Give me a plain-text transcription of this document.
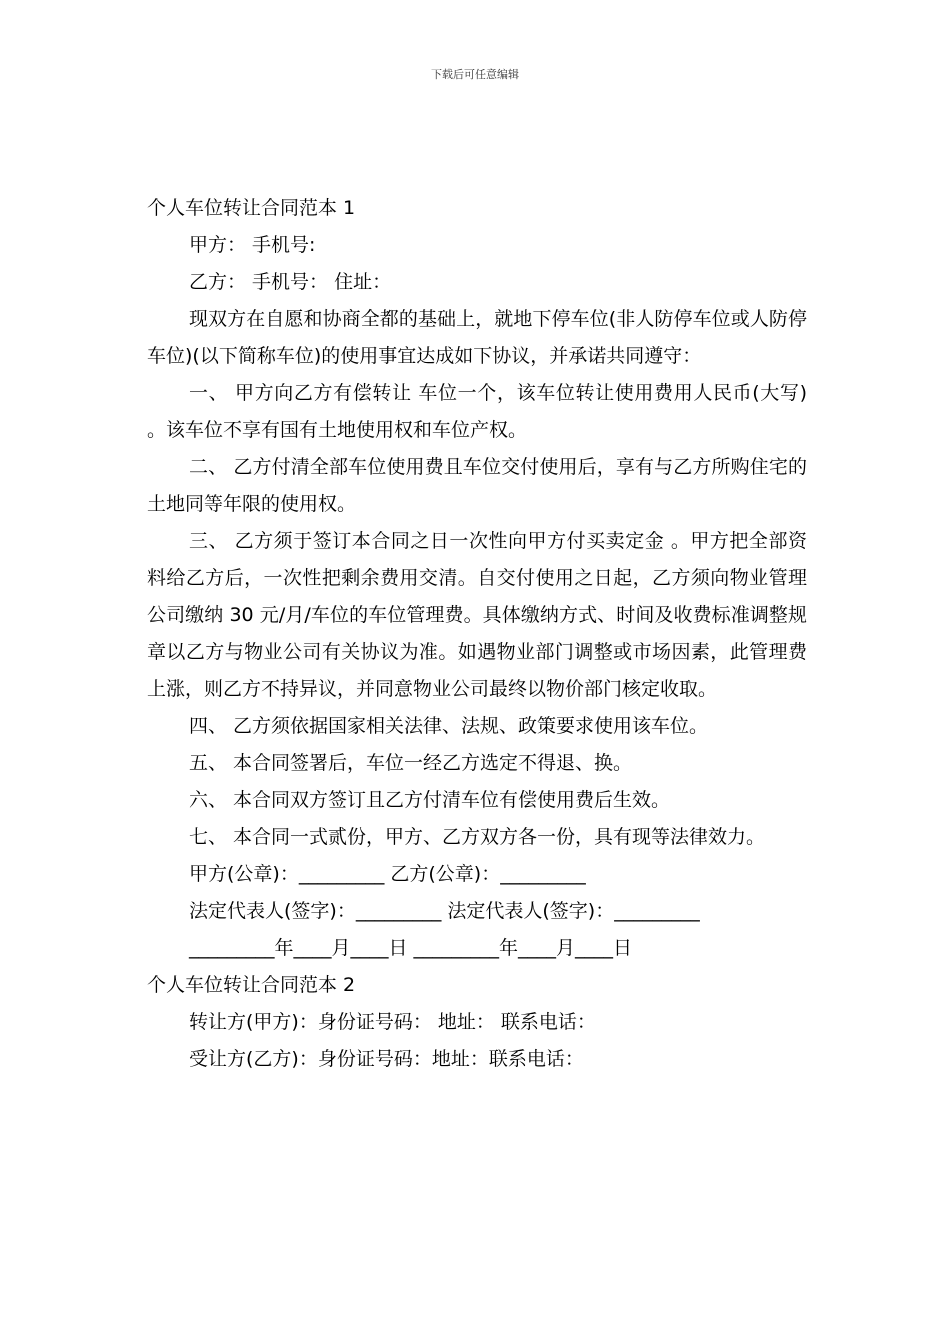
下载后可任意编辑

个人车位转让合同范本 1

甲方： 手机号:

乙方： 手机号： 住址：

现双方在自愿和协商全都的基础上，就地下停车位(非人防停车位或人防停车位)(以下简称车位)的使用事宜达成如下协议，并承诺共同遵守：

一、 甲方向乙方有偿转让 车位一个，该车位转让使用费用人民币(大写) 。该车位不享有国有土地使用权和车位产权。

二、 乙方付清全部车位使用费且车位交付使用后，享有与乙方所购住宅的土地同等年限的使用权。

三、 乙方须于签订本合同之日一次性向甲方付买卖定金 。甲方把全部资料给乙方后，一次性把剩余费用交清。自交付使用之日起，乙方须向物业管理公司缴纳 30 元/月/车位的车位管理费。具体缴纳方式、时间及收费标准调整规章以乙方与物业公司有关协议为准。如遇物业部门调整或市场因素，此管理费上涨，则乙方不持异议，并同意物业公司最终以物价部门核定收取。

四、 乙方须依据国家相关法律、法规、政策要求使用该车位。

五、 本合同签署后，车位一经乙方选定不得退、换。

六、 本合同双方签订且乙方付清车位有偿使用费后生效。

七、 本合同一式贰份，甲方、乙方双方各一份，具有现等法律效力。

甲方(公章)：_________ 乙方(公章)：_________

法定代表人(签字)：_________ 法定代表人(签字)：_________

_________年____月____日 _________年____月____日

个人车位转让合同范本 2

转让方(甲方)：身份证号码： 地址： 联系电话：

受让方(乙方)：身份证号码：地址：联系电话：
